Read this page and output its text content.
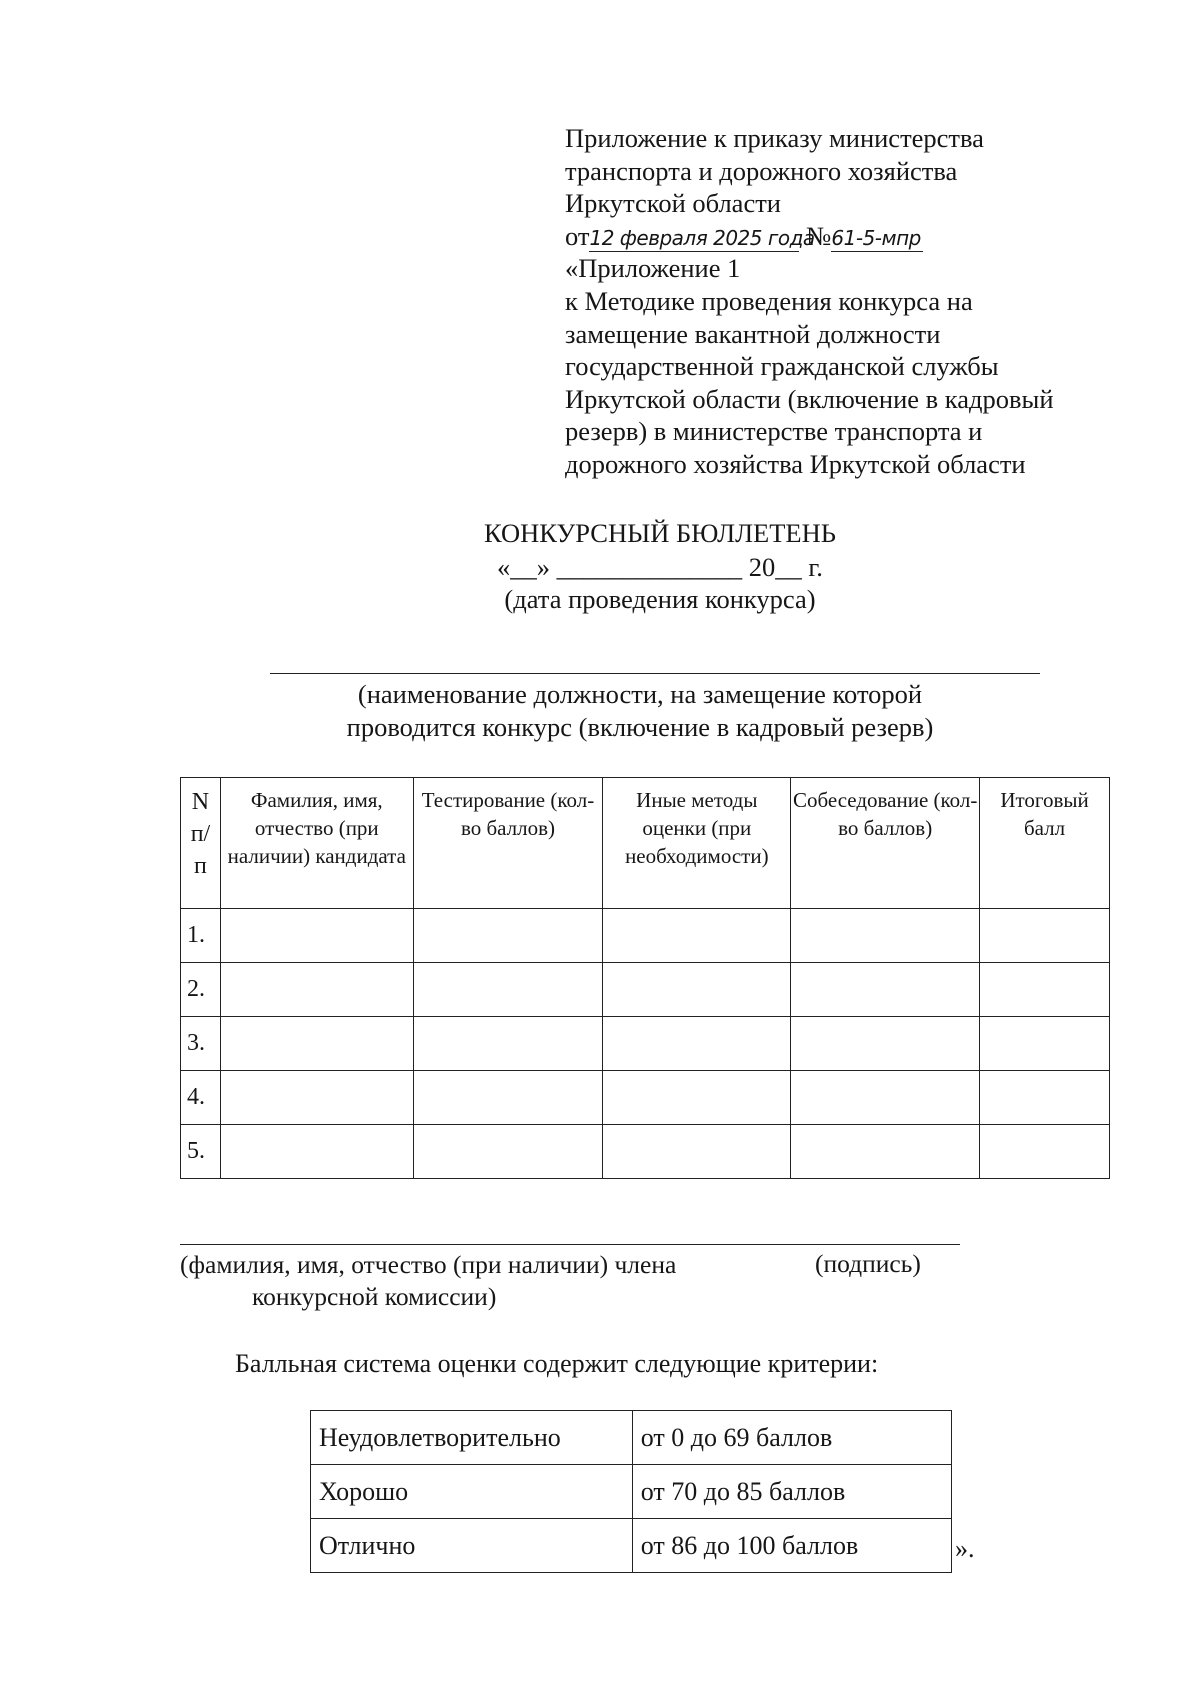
Приложение к приказу министерства
транспорта и дорожного хозяйства
Иркутской области
от12 февраля 2025 года №61-5-мпр
«Приложение 1
к Методике проведения конкурса на
замещение вакантной должности
государственной гражданской службы
Иркутской области (включение в кадровый
резерв) в министерстве транспорта и
дорожного хозяйства Иркутской области
КОНКУРСНЫЙ БЮЛЛЕТЕНЬ
«__» ______________ 20__ г.
(дата проведения конкурса)
(наименование должности, на замещение которой
проводится конкурс (включение в кадровый резерв)
N п/ п	Фамилия, имя, отчество (при наличии) кандидата	Тестирование (кол-во баллов)	Иные методы оценки (при необходимости)	Собеседование (кол-во баллов)	Итоговый балл
1.					
2.					
3.					
4.					
5.					
(фамилия, имя, отчество (при наличии) члена
конкурсной комиссии)
(подпись)
Балльная система оценки содержит следующие критерии:
Неудовлетворительно	от 0 до 69 баллов
Хорошо	от 70 до 85 баллов
Отлично	от 86 до 100 баллов	».
